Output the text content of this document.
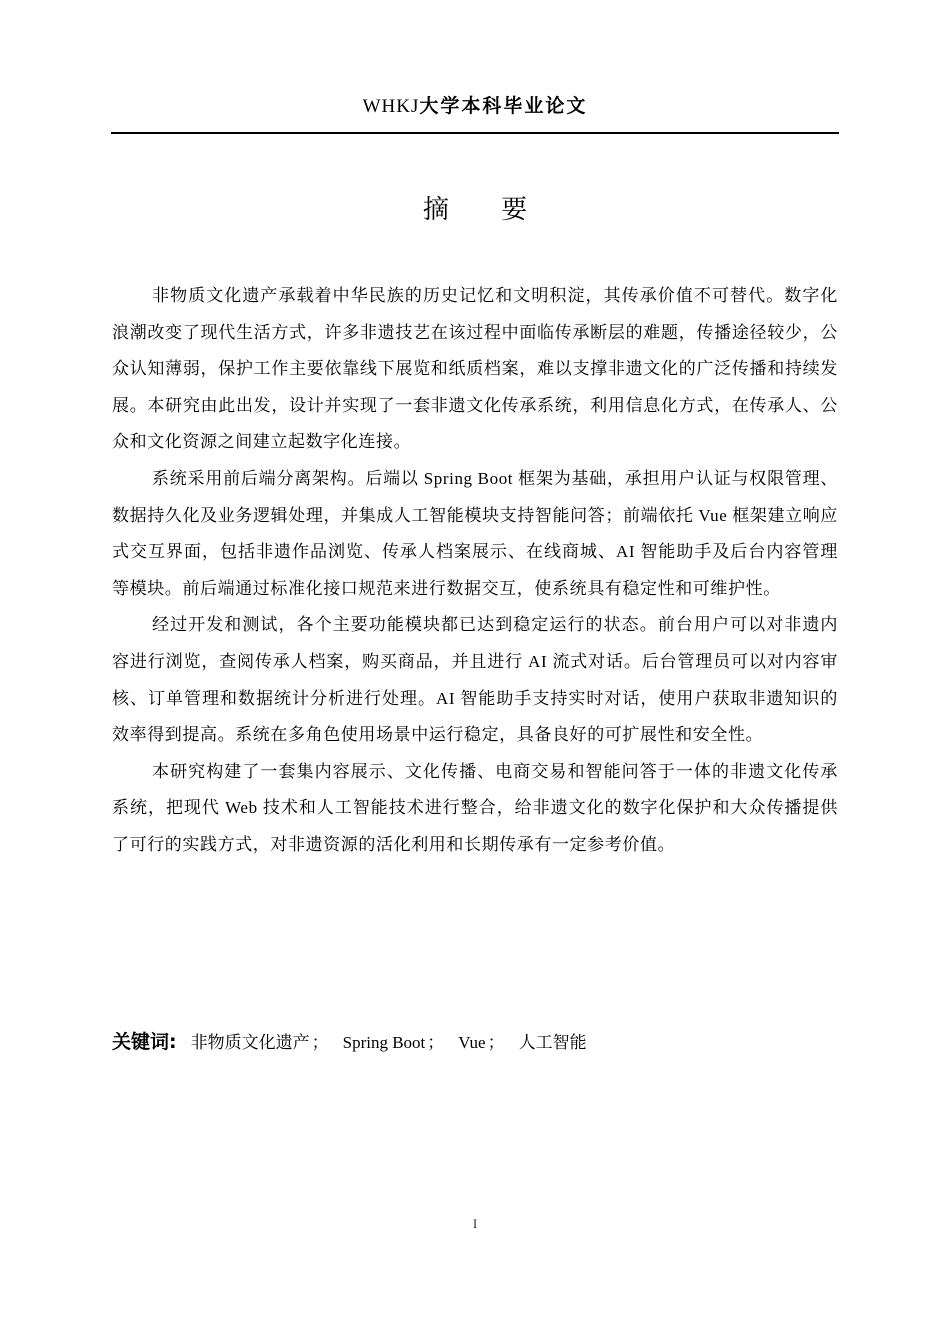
WHKJ大学本科毕业论文
摘 要

非物质文化遗产承载着中华民族的历史记忆和文明积淀，其传承价值不可替代。数字化浪潮改变了现代生活方式，许多非遗技艺在该过程中面临传承断层的难题，传播途径较少，公众认知薄弱，保护工作主要依靠线下展览和纸质档案，难以支撑非遗文化的广泛传播和持续发展。本研究由此出发，设计并实现了一套非遗文化传承系统，利用信息化方式，在传承人、公众和文化资源之间建立起数字化连接。

系统采用前后端分离架构。后端以 Spring Boot 框架为基础，承担用户认证与权限管理、数据持久化及业务逻辑处理，并集成人工智能模块支持智能问答；前端依托 Vue 框架建立响应式交互界面，包括非遗作品浏览、传承人档案展示、在线商城、AI 智能助手及后台内容管理等模块。前后端通过标准化接口规范来进行数据交互，使系统具有稳定性和可维护性。

经过开发和测试，各个主要功能模块都已达到稳定运行的状态。前台用户可以对非遗内容进行浏览，查阅传承人档案，购买商品，并且进行 AI 流式对话。后台管理员可以对内容审核、订单管理和数据统计分析进行处理。AI 智能助手支持实时对话，使用户获取非遗知识的效率得到提高。系统在多角色使用场景中运行稳定，具备良好的可扩展性和安全性。

本研究构建了一套集内容展示、文化传播、电商交易和智能问答于一体的非遗文化传承系统，把现代 Web 技术和人工智能技术进行整合，给非遗文化的数字化保护和大众传播提供了可行的实践方式，对非遗资源的活化利用和长期传承有一定参考价值。

关键词: 非物质文化遗产 ； Spring Boot ； Vue ； 人工智能
I
